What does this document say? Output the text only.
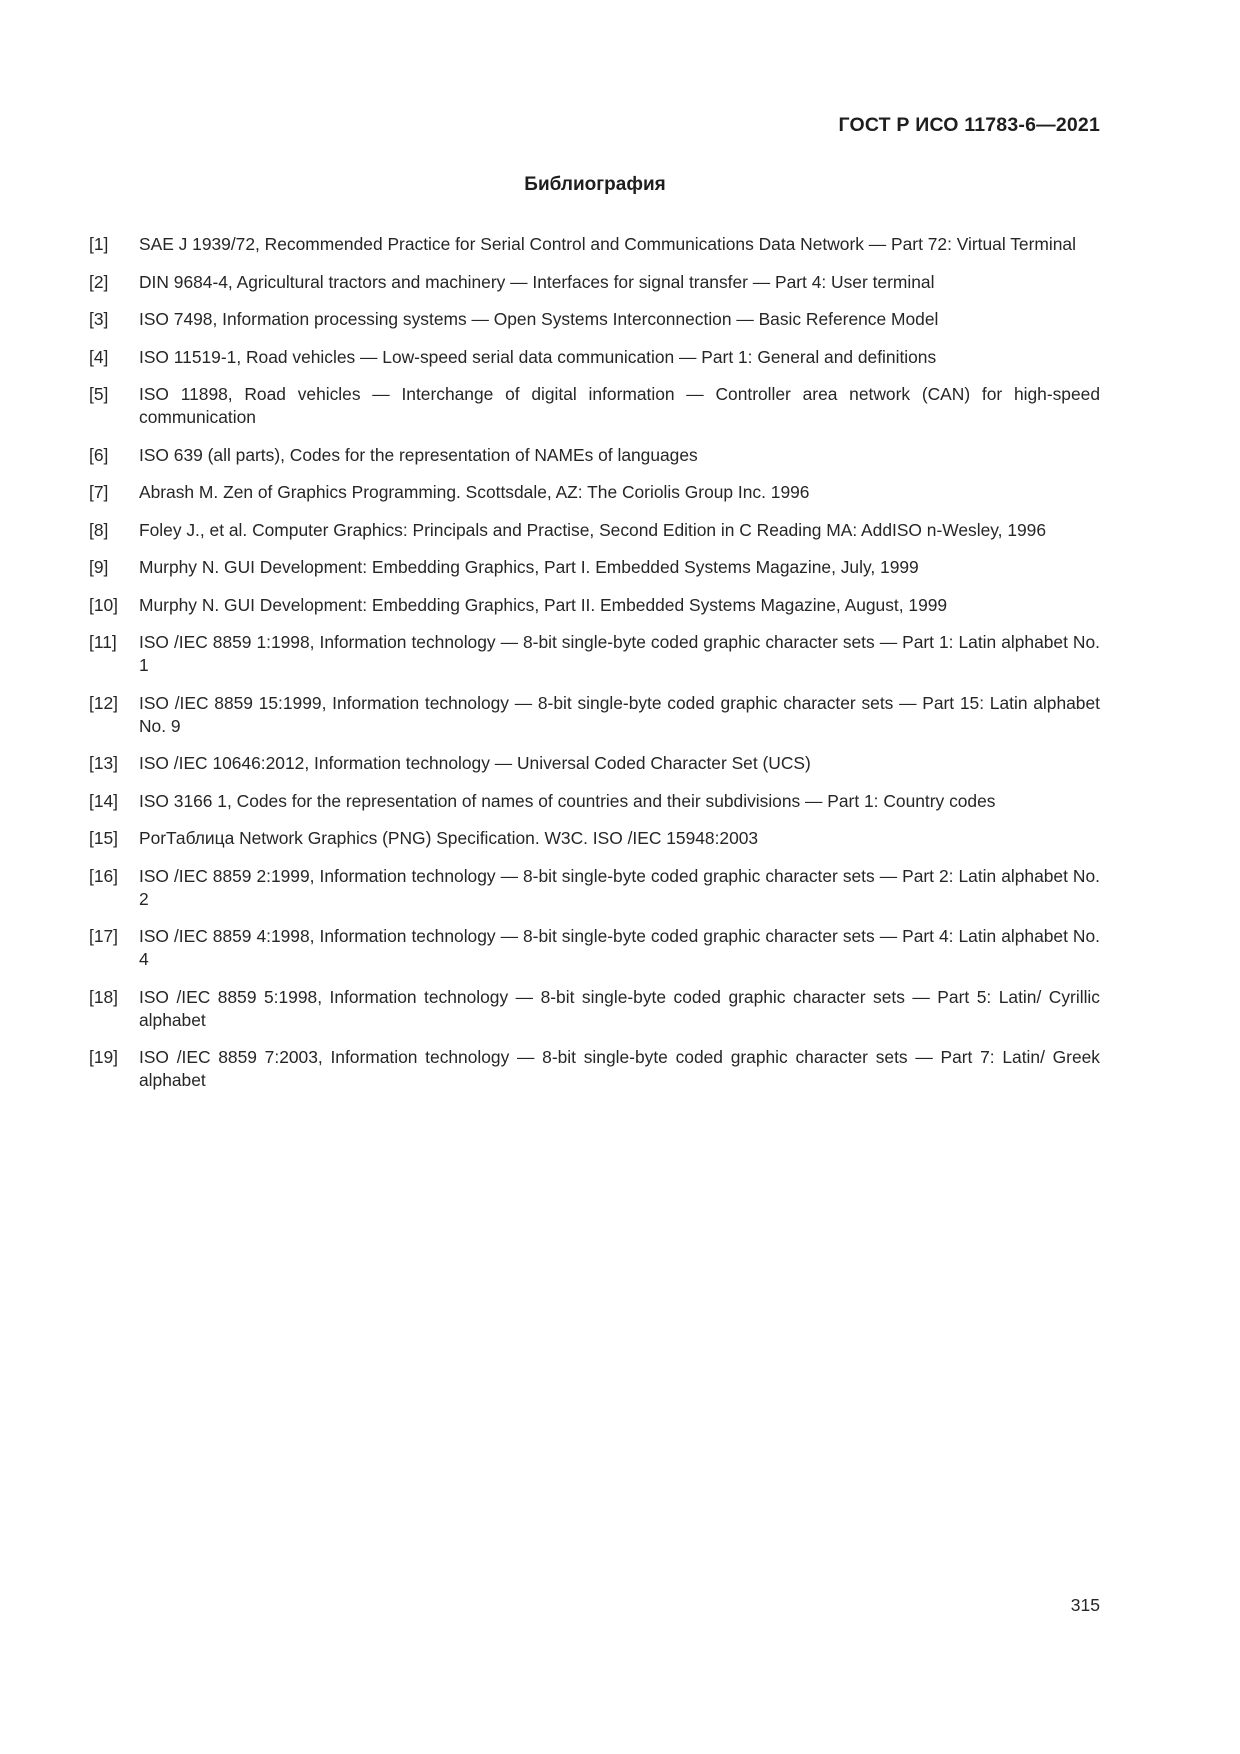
ГОСТ Р ИСО 11783-6—2021
Библиография
[1]	SAE J 1939/72, Recommended Practice for Serial Control and Communications Data Network — Part 72: Virtual Terminal
[2]	DIN 9684-4, Agricultural tractors and machinery — Interfaces for signal transfer — Part 4: User terminal
[3]	ISO 7498, Information processing systems — Open Systems Interconnection — Basic Reference Model
[4]	ISO 11519-1, Road vehicles — Low-speed serial data communication — Part 1: General and definitions
[5]	ISO 11898, Road vehicles — Interchange of digital information — Controller area network (CAN) for high-speed communication
[6]	ISO 639 (all parts), Codes for the representation of NAMEs of languages
[7]	Abrash M. Zen of Graphics Programming. Scottsdale, AZ: The Coriolis Group Inc. 1996
[8]	Foley J., et al. Computer Graphics: Principals and Practise, Second Edition in C Reading MA: AddISO n-Wesley, 1996
[9]	Murphy N. GUI Development: Embedding Graphics, Part I. Embedded Systems Magazine, July, 1999
[10]	Murphy N. GUI Development: Embedding Graphics, Part II. Embedded Systems Magazine, August, 1999
[11]	ISO /IEC 8859 1:1998, Information technology — 8-bit single-byte coded graphic character sets — Part 1: Latin alphabet No. 1
[12]	ISO /IEC 8859 15:1999, Information technology — 8-bit single-byte coded graphic character sets — Part 15: Latin alphabet No. 9
[13]	ISO /IEC 10646:2012, Information technology — Universal Coded Character Set (UCS)
[14]	ISO 3166 1, Codes for the representation of names of countries and their subdivisions — Part 1: Country codes
[15]	PorТаблица Network Graphics (PNG) Specification. W3C. ISO /IEC 15948:2003
[16]	ISO /IEC 8859 2:1999, Information technology — 8-bit single-byte coded graphic character sets — Part 2: Latin alphabet No. 2
[17]	ISO /IEC 8859 4:1998, Information technology — 8-bit single-byte coded graphic character sets — Part 4: Latin alphabet No. 4
[18]	ISO /IEC 8859 5:1998, Information technology — 8-bit single-byte coded graphic character sets — Part 5: Latin/ Cyrillic alphabet
[19]	ISO /IEC 8859 7:2003, Information technology — 8-bit single-byte coded graphic character sets — Part 7: Latin/ Greek alphabet
315
